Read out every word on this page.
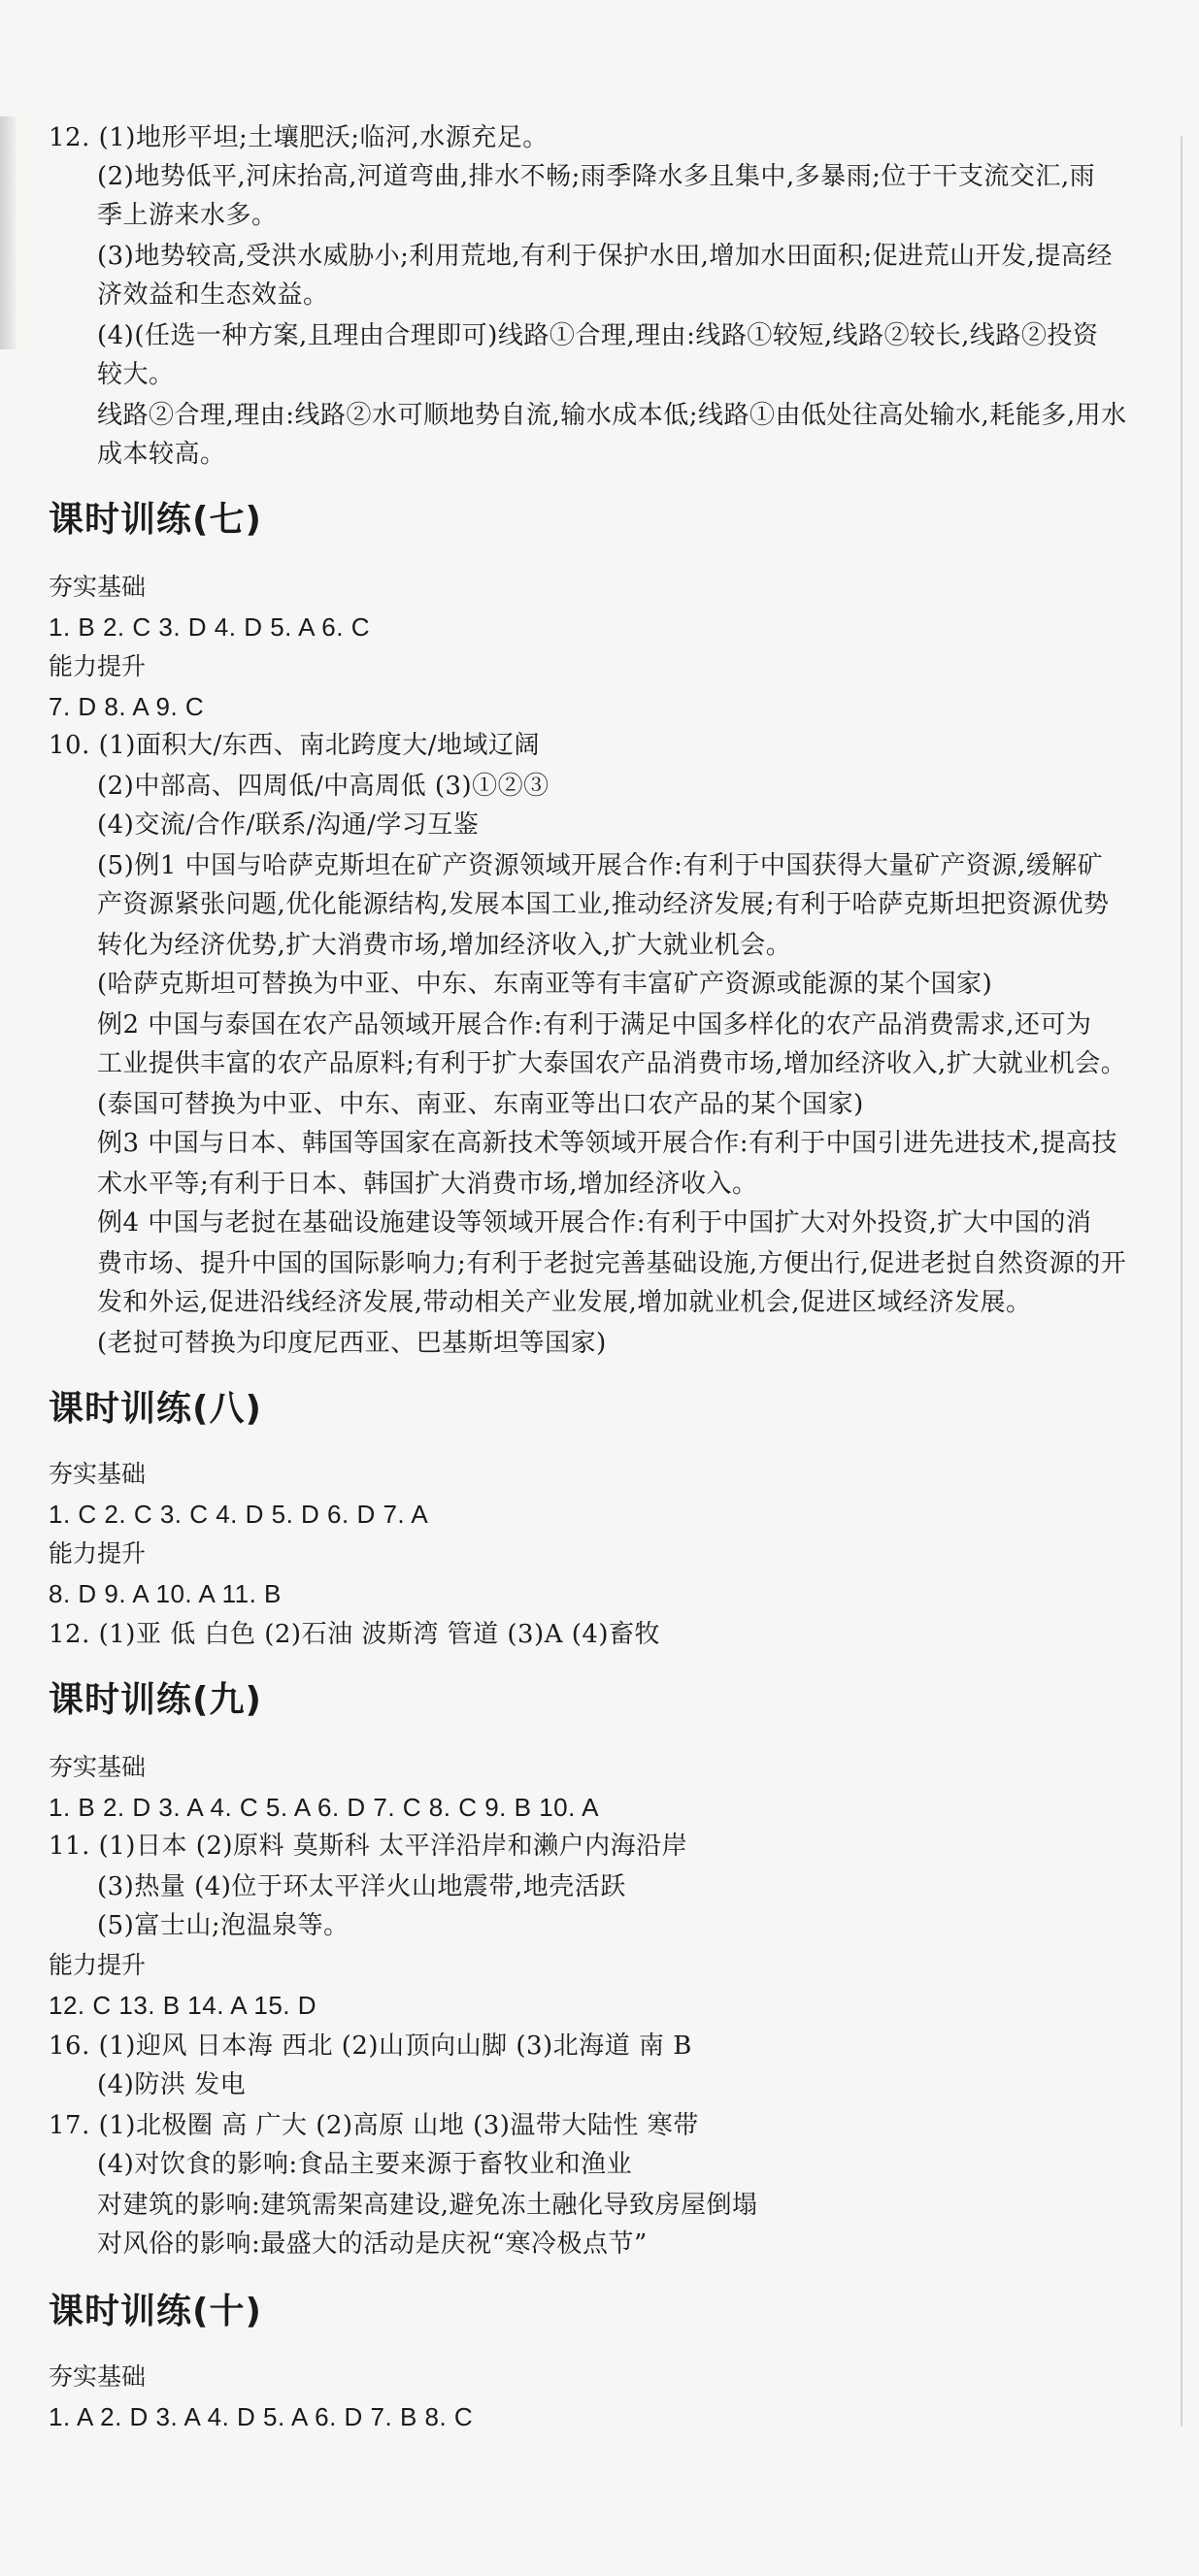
12. (1)地形平坦;土壤肥沃;临河,水源充足。
(2)地势低平,河床抬高,河道弯曲,排水不畅;雨季降水多且集中,多暴雨;位于干支流交汇,雨
季上游来水多。
(3)地势较高,受洪水威胁小;利用荒地,有利于保护水田,增加水田面积;促进荒山开发,提高经
济效益和生态效益。
(4)(任选一种方案,且理由合理即可)线路①合理,理由:线路①较短,线路②较长,线路②投资
较大。
线路②合理,理由:线路②水可顺地势自流,输水成本低;线路①由低处往高处输水,耗能多,用水
成本较高。
课时训练(七)
夯实基础
1. B 2. C 3. D 4. D 5. A 6. C
能力提升
7. D 8. A 9. C
10. (1)面积大/东西、南北跨度大/地域辽阔
(2)中部高、四周低/中高周低 (3)①②③
(4)交流/合作/联系/沟通/学习互鉴
(5)例1 中国与哈萨克斯坦在矿产资源领域开展合作:有利于中国获得大量矿产资源,缓解矿
产资源紧张问题,优化能源结构,发展本国工业,推动经济发展;有利于哈萨克斯坦把资源优势
转化为经济优势,扩大消费市场,增加经济收入,扩大就业机会。
(哈萨克斯坦可替换为中亚、中东、东南亚等有丰富矿产资源或能源的某个国家)
例2 中国与泰国在农产品领域开展合作:有利于满足中国多样化的农产品消费需求,还可为
工业提供丰富的农产品原料;有利于扩大泰国农产品消费市场,增加经济收入,扩大就业机会。
(泰国可替换为中亚、中东、南亚、东南亚等出口农产品的某个国家)
例3 中国与日本、韩国等国家在高新技术等领域开展合作:有利于中国引进先进技术,提高技
术水平等;有利于日本、韩国扩大消费市场,增加经济收入。
例4 中国与老挝在基础设施建设等领域开展合作:有利于中国扩大对外投资,扩大中国的消
费市场、提升中国的国际影响力;有利于老挝完善基础设施,方便出行,促进老挝自然资源的开
发和外运,促进沿线经济发展,带动相关产业发展,增加就业机会,促进区域经济发展。
(老挝可替换为印度尼西亚、巴基斯坦等国家)
课时训练(八)
夯实基础
1. C 2. C 3. C 4. D 5. D 6. D 7. A
能力提升
8. D 9. A 10. A 11. B
12. (1)亚 低 白色 (2)石油 波斯湾 管道 (3)A (4)畜牧
课时训练(九)
夯实基础
1. B 2. D 3. A 4. C 5. A 6. D 7. C 8. C 9. B 10. A
11. (1)日本 (2)原料 莫斯科 太平洋沿岸和濑户内海沿岸
(3)热量 (4)位于环太平洋火山地震带,地壳活跃
(5)富士山;泡温泉等。
能力提升
12. C 13. B 14. A 15. D
16. (1)迎风 日本海 西北 (2)山顶向山脚 (3)北海道 南 B
(4)防洪 发电
17. (1)北极圈 高 广大 (2)高原 山地 (3)温带大陆性 寒带
(4)对饮食的影响:食品主要来源于畜牧业和渔业
对建筑的影响:建筑需架高建设,避免冻土融化导致房屋倒塌
对风俗的影响:最盛大的活动是庆祝“寒冷极点节”
课时训练(十)
夯实基础
1. A 2. D 3. A 4. D 5. A 6. D 7. B 8. C
